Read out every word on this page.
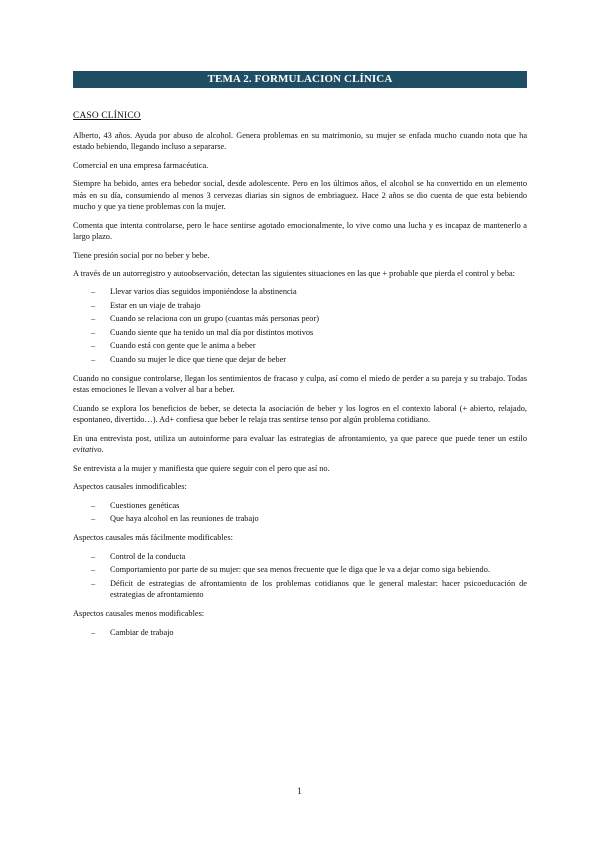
TEMA 2. FORMULACION CLÍNICA

CASO CLÍNICO

Alberto, 43 años. Ayuda por abuso de alcohol. Genera problemas en su matrimonio, su mujer se enfada mucho cuando nota que ha estado bebiendo, llegando incluso a separarse.

Comercial en una empresa farmacéutica.

Siempre ha bebido, antes era bebedor social, desde adolescente. Pero en los últimos años, el alcohol se ha convertido en un elemento más en su día, consumiendo al menos 3 cervezas diarias sin signos de embriaguez. Hace 2 años se dio cuenta de que esta bebiendo mucho y que ya tiene problemas con la mujer.

Comenta que intenta controlarse, pero le hace sentirse agotado emocionalmente, lo vive como una lucha y es incapaz de mantenerlo a largo plazo.

Tiene presión social por no beber y bebe.

A través de un autorregistro y autoobservación, detectan las siguientes situaciones en las que + probable que pierda el control y beba:

– Llevar varios días seguidos imponiéndose la abstinencia
– Estar en un viaje de trabajo
– Cuando se relaciona con un grupo (cuantas más personas peor)
– Cuando siente que ha tenido un mal día por distintos motivos
– Cuando está con gente que le anima a beber
– Cuando su mujer le dice que tiene que dejar de beber

Cuando no consigue controlarse, llegan los sentimientos de fracaso y culpa, así como el miedo de perder a su pareja y su trabajo. Todas estas emociones le llevan a volver al bar a beber.

Cuando se explora los beneficios de beber, se detecta la asociación de beber y los logros en el contexto laboral (+ abierto, relajado, espontaneo, divertido…). Ad+ confiesa que beber le relaja tras sentirse tenso por algún problema cotidiano.

En una entrevista post, utiliza un autoinforme para evaluar las estrategias de afrontamiento, ya que parece que puede tener un estilo evitativo.

Se entrevista a la mujer y manifiesta que quiere seguir con el pero que así no.

Aspectos causales inmodificables:

– Cuestiones genéticas
– Que haya alcohol en las reuniones de trabajo

Aspectos causales más fácilmente modificables:

– Control de la conducta
– Comportamiento por parte de su mujer: que sea menos frecuente que le diga que le va a dejar como siga bebiendo.
– Déficit de estrategias de afrontamiento de los problemas cotidianos que le general malestar: hacer psicoeducación de estrategias de afrontamiento

Aspectos causales menos modificables:

– Cambiar de trabajo
1
